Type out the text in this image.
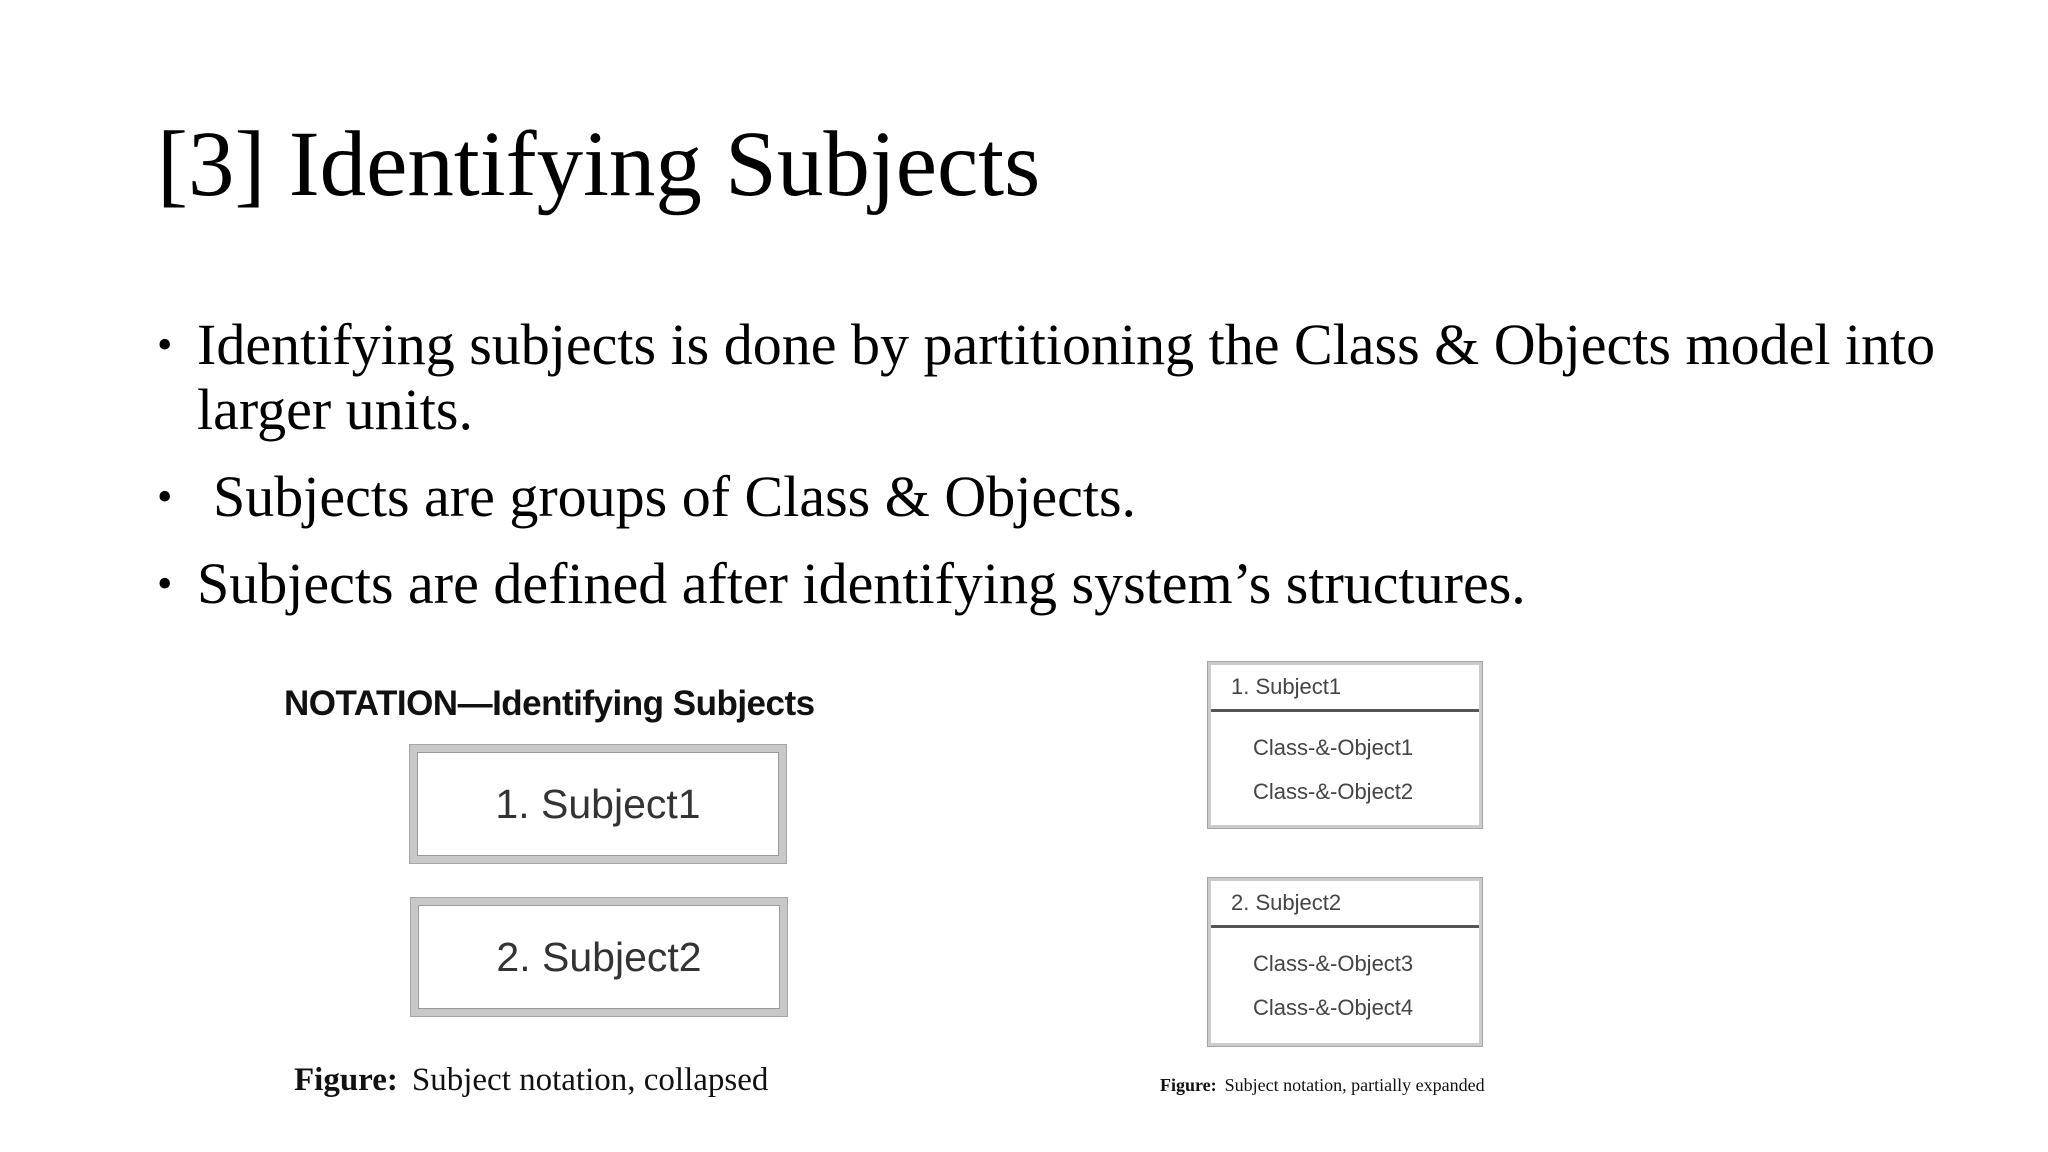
[3] Identifying Subjects
• Identifying subjects is done by partitioning the Class & Objects model into larger units.
• Subjects are groups of Class & Objects.
• Subjects are defined after identifying system’s structures.
NOTATION—Identifying Subjects
1. Subject1
2. Subject2
Figure: Subject notation, collapsed
1. Subject1
Class-&-Object1
Class-&-Object2
2. Subject2
Class-&-Object3
Class-&-Object4
Figure: Subject notation, partially expanded
